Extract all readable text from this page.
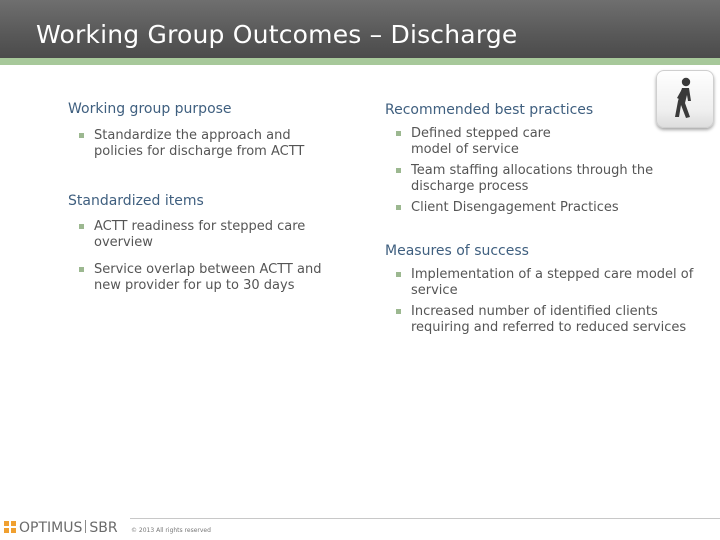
Working Group Outcomes – Discharge
Working group purpose
Standardize the approach and policies for discharge from ACTT
Standardized items
ACTT readiness for stepped care overview
Service overlap between ACTT and new provider for up to 30 days
Recommended best practices
Defined stepped care model of service
Team staffing allocations through the discharge process
Client Disengagement Practices
Measures of success
Implementation of a stepped care model of service
Increased number of identified clients requiring and referred to reduced services
OPTIMUS SBR © 2013 All rights reserved
